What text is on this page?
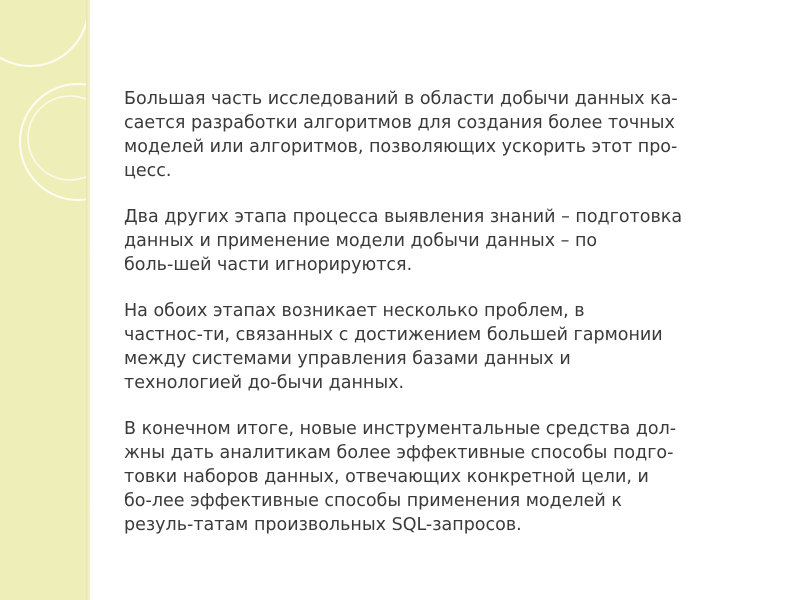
Большая часть исследований в области добычи данных ка-
сается разработки алгоритмов для создания более точных
моделей или алгоритмов, позволяющих ускорить этот про-
цесс.

Два других этапа процесса выявления знаний – подготовка
данных и применение модели добычи данных – по
боль-шей части игнорируются.

На обоих этапах возникает несколько проблем, в
частнос-ти, связанных с достижением большей гармонии
между системами управления базами данных и
технологией до-бычи данных.

В конечном итоге, новые инструментальные средства дол-
жны дать аналитикам более эффективные способы подго-
товки наборов данных, отвечающих конкретной цели, и
бо-лее эффективные способы применения моделей к
резуль-татам произвольных SQL-запросов.
